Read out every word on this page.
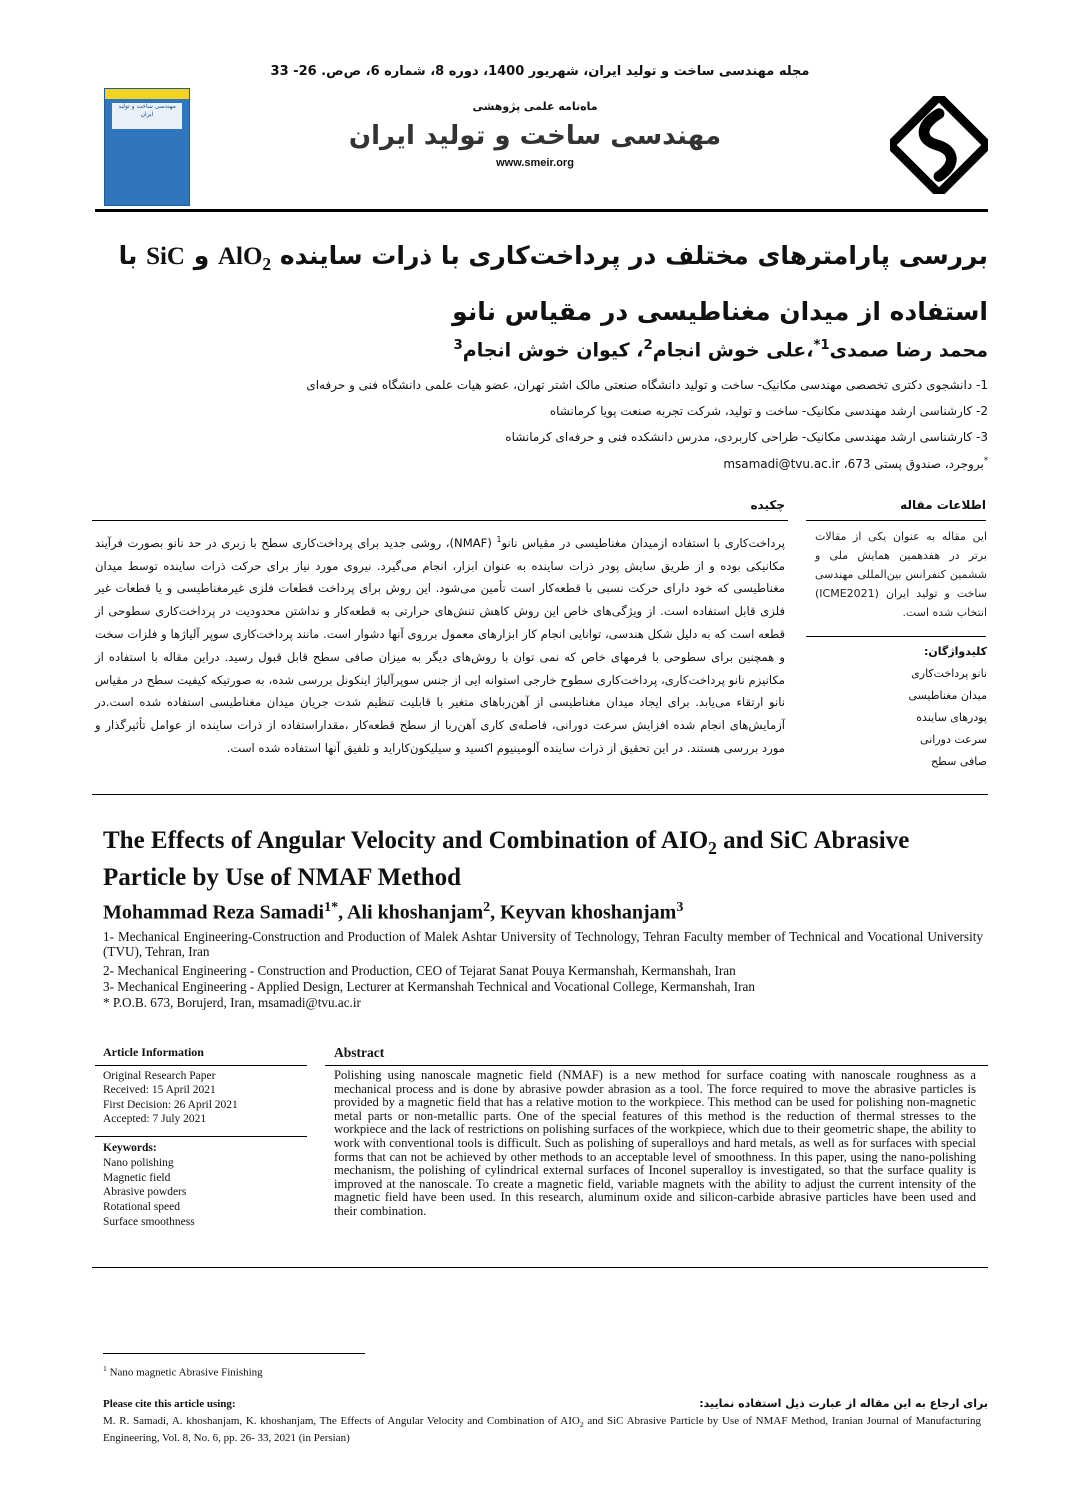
مجله مهندسی ساخت و تولید ایران، شهریور 1400، دوره 8، شماره 6، ص‌ص. 26- 33
مهندسی ساخت و تولید ایران
ماه‌نامه علمی پژوهشی
مهندسی ساخت و تولید ایران
www.smeir.org
بررسی پارامترهای مختلف در پرداخت‌کاری با ذرات ساینده AlO$_2$ و SiC با استفاده از میدان مغناطیسی در مقیاس نانو
محمد رضا صمدی$^{1*}$،علی خوش انجام$^2$، کیوان خوش انجام$^3$
1- دانشجوی دکتری تخصصی مهندسی مکانیک- ساخت و تولید دانشگاه صنعتی مالک اشتر تهران، عضو هیات علمی دانشگاه فنی و حرفه‌ای
2- کارشناسی ارشد مهندسی مکانیک- ساخت و تولید، شرکت تجربه صنعت پویا کرمانشاه
3- کارشناسی ارشد مهندسی مکانیک- طراحی کاربردی، مدرس دانشکده فنی و حرفه‌ای کرمانشاه
*بروجرد، صندوق پستی 673، msamadi@tvu.ac.ir
اطلاعات مقاله
چکیده
این مقاله به عنوان یکی از مقالات برتر در هفدهمین همایش ملی و ششمین کنفرانس بین‌المللی مهندسی ساخت و تولید ایران (ICME2021) انتخاب شده است.
کلیدواژگان:
نانو پرداخت‌کاری
میدان مغناطیسی
پودرهای ساینده
سرعت دورانی
صافی سطح
پرداخت‌کاری با استفاده ازمیدان مغناطیسی در مقیاس نانو$^1$ (NMAF)، روشی جدید برای پرداخت‌کاری سطح با زبری در حد نانو بصورت فرآیند مکانیکی بوده و از طریق سایش پودر ذرات ساینده به عنوان ابزار، انجام می‌گیرد. نیروی مورد نیاز برای حرکت ذرات ساینده توسط میدان مغناطیسی که خود دارای حرکت نسبی با قطعه‌کار است تأمین می‌شود. این روش برای پرداخت قطعات فلزی غیرمغناطیسی و یا قطعات غیر فلزی قابل استفاده است. از ویژگی‌های خاص این روش کاهش تنش‌های حرارتی به قطعه‌کار و نداشتن محدودیت در پرداخت‌کاری سطوحی از قطعه است که به دلیل شکل هندسی، توانایی انجام کار ابزارهای معمول برروی آنها دشوار است. مانند پرداخت‌کاری سوپر آلیاژها و فلزات سخت و همچنین برای سطوحی با فرمهای خاص که نمی توان با روش‌های دیگر به میزان صافی سطح قابل قبول رسید. دراین مقاله با استفاده از مکانیزم نانو پرداخت‌کاری، پرداخت‌کاری سطوح خارجی استوانه ایی از جنس سوپرآلیاژ اینکونل بررسی شده، به صورتیکه کیفیت سطح در مقیاس نانو ارتقاء می‌یابد. برای ایجاد میدان مغناطیسی از آهن‌رباهای متغیر با قابلیت تنظیم شدت جریان میدان مغناطیسی استفاده شده است.در آزمایش‌های انجام شده افزایش سرعت دورانی، فاصله‌ی کاری آهن‌ربا از سطح قطعه‌کار ،مقداراستفاده از ذرات ساینده از عوامل تأثیرگذار و مورد بررسی هستند. در این تحقیق از ذرات ساینده آلومینیوم اکسید و سیلیکون‌کاراید و تلفیق آنها استفاده شده است.
The Effects of Angular Velocity and Combination of $AIO_2$ and SiC Abrasive Particle by Use of NMAF Method
Mohammad Reza Samadi$^{1*}$, Ali khoshanjam$^2$, Keyvan khoshanjam$^3$
1- Mechanical Engineering-Construction and Production of Malek Ashtar University of Technology, Tehran Faculty member of Technical and Vocational University (TVU), Tehran, Iran
2- Mechanical Engineering - Construction and Production, CEO of Tejarat Sanat Pouya Kermanshah, Kermanshah, Iran
3- Mechanical Engineering - Applied Design, Lecturer at Kermanshah Technical and Vocational College, Kermanshah, Iran
* P.O.B. 673, Borujerd, Iran, msamadi@tvu.ac.ir
Article Information	Abstract
Original Research Paper
Received: 15 April 2021
First Decision: 26 April 2021
Accepted: 7 July 2021
Keywords:
Nano polishing
Magnetic field
Abrasive powders
Rotational speed
Surface smoothness
Polishing using nanoscale magnetic field (NMAF) is a new method for surface coating with nanoscale roughness as a mechanical process and is done by abrasive powder abrasion as a tool. The force required to move the abrasive particles is provided by a magnetic field that has a relative motion to the workpiece. This method can be used for polishing non-magnetic metal parts or non-metallic parts. One of the special features of this method is the reduction of thermal stresses to the workpiece and the lack of restrictions on polishing surfaces of the workpiece, which due to their geometric shape, the ability to work with conventional tools is difficult. Such as polishing of superalloys and hard metals, as well as for surfaces with special forms that can not be achieved by other methods to an acceptable level of smoothness. In this paper, using the nano-polishing mechanism, the polishing of cylindrical external surfaces of Inconel superalloy is investigated, so that the surface quality is improved at the nanoscale. To create a magnetic field, variable magnets with the ability to adjust the current intensity of the magnetic field have been used. In this research, aluminum oxide and silicon-carbide abrasive particles have been used and their combination.
$^1$ Nano magnetic Abrasive Finishing
Please cite this article using:	برای ارجاع به این مقاله از عبارت ذیل استفاده نمایید:
M. R. Samadi, A. khoshanjam, K. khoshanjam, The Effects of Angular Velocity and Combination of $AIO_2$ and SiC Abrasive Particle by Use of NMAF Method, Iranian Journal of Manufacturing Engineering, Vol. 8, No. 6, pp. 26- 33, 2021 (in Persian)
